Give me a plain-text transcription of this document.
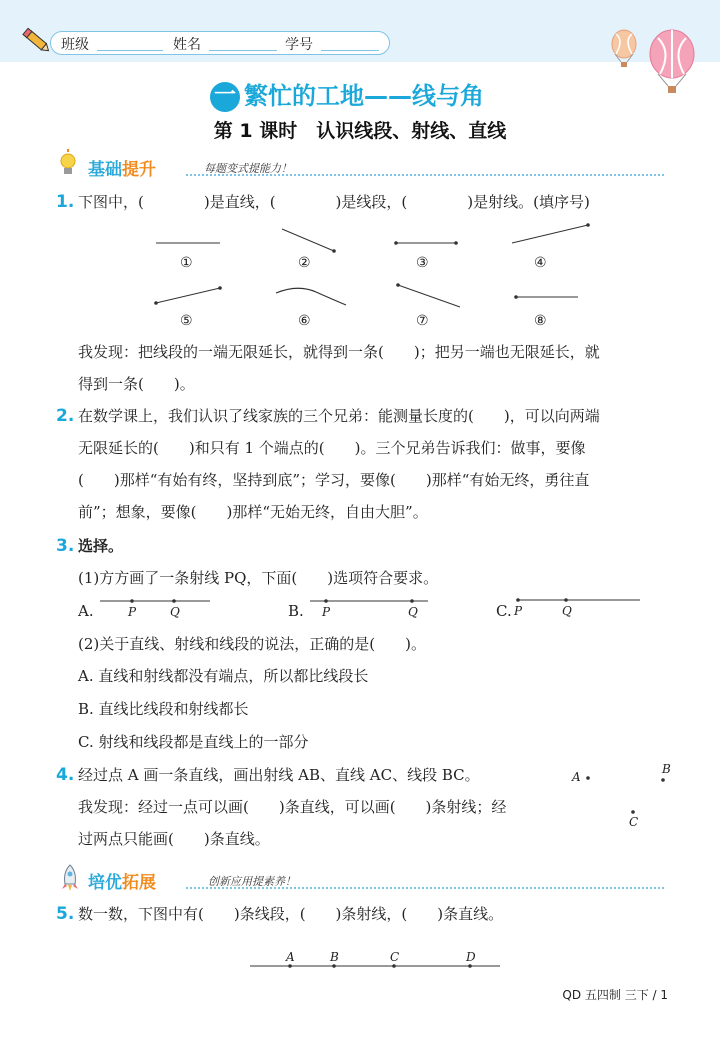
班级	姓名	学号
一 繁忙的工地——线与角
第 1 课时　认识线段、射线、直线
基础提升	每题变式提能力！
1. 下图中，(　　　　)是直线，(　　　　)是线段，(　　　　)是射线。(填序号)
①	②	③	④
⑤	⑥	⑦	⑧
我发现：把线段的一端无限延长，就得到一条(　　)；把另一端也无限延长，就
得到一条(　　)。
2. 在数学课上，我们认识了线家族的三个兄弟：能测量长度的(　　)，可以向两端
无限延长的(　　)和只有 1 个端点的(　　)。三个兄弟告诉我们：做事，要像
(　　)那样“有始有终，坚持到底”；学习，要像(　　)那样“有始无终，勇往直
前”；想象，要像(　　)那样“无始无终，自由大胆”。
3. 选择。
(1)方方画了一条射线 PQ，下面(　　)选项符合要求。
A.	B.	C.
P	Q	P	Q	P	Q
(2)关于直线、射线和线段的说法，正确的是(　　)。
A. 直线和射线都没有端点，所以都比线段长
B. 直线比线段和射线都长
C. 射线和线段都是直线上的一部分
4. 经过点 A 画一条直线，画出射线 AB、直线 AC、线段 BC。
我发现：经过一点可以画(　　)条直线，可以画(　　)条射线；经
过两点只能画(　　)条直线。
A
B
C
培优拓展	创新应用提素养！
5. 数一数，下图中有(　　)条线段，(　　)条射线，(　　)条直线。
A	B	C	D
QD 五四制 三下 / 1
